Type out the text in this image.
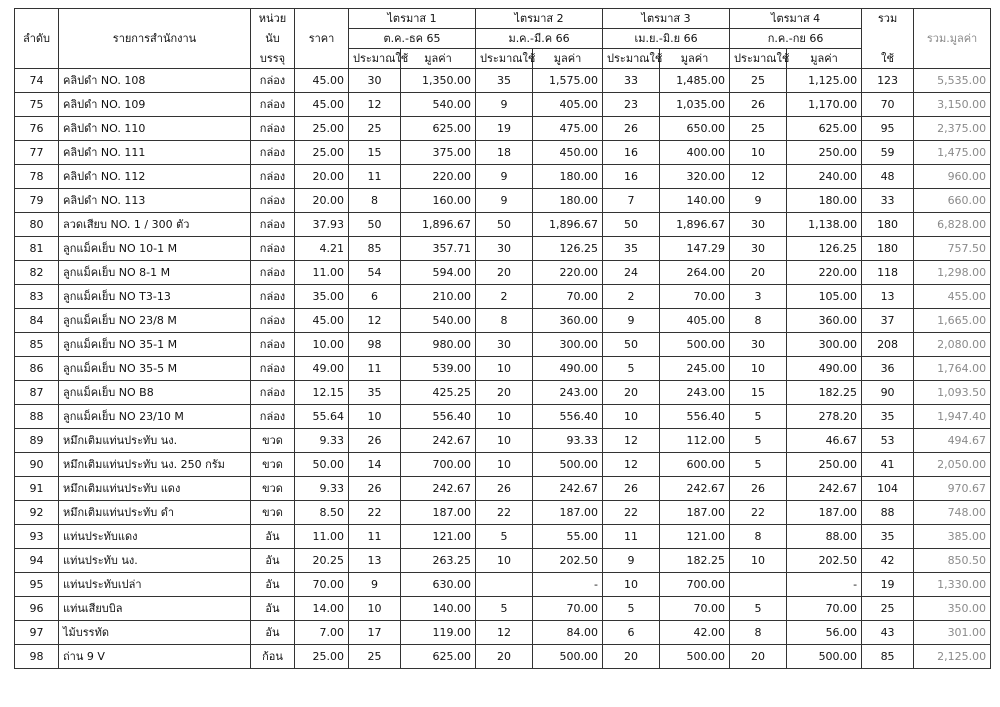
ลำดับ	รายการสำนักงาน	หน่วย	ราคา	ไตรมาส 1		ไตรมาส 2		ไตรมาส 3		ไตรมาส 4		รวม	รวม.มูลค่า
		นับ		ต.ค.-ธค 65		ม.ค.-มี.ค 66		เม.ย.-มิ.ย 66		ก.ค.-กย 66			
		บรรจุ		ประมาณใช้	มูลค่า	ประมาณใช้	มูลค่า	ประมาณใช้	มูลค่า	ประมาณใช้	มูลค่า	ใช้	
74	คลิปดำ NO. 108	กล่อง	45.00	30	1,350.00	35	1,575.00	33	1,485.00	25	1,125.00	123	5,535.00
75	คลิปดำ NO. 109	กล่อง	45.00	12	540.00	9	405.00	23	1,035.00	26	1,170.00	70	3,150.00
76	คลิปดำ NO. 110	กล่อง	25.00	25	625.00	19	475.00	26	650.00	25	625.00	95	2,375.00
77	คลิปดำ NO. 111	กล่อง	25.00	15	375.00	18	450.00	16	400.00	10	250.00	59	1,475.00
78	คลิปดำ NO. 112	กล่อง	20.00	11	220.00	9	180.00	16	320.00	12	240.00	48	960.00
79	คลิปดำ NO. 113	กล่อง	20.00	8	160.00	9	180.00	7	140.00	9	180.00	33	660.00
80	ลวดเสียบ NO. 1 / 300 ตัว	กล่อง	37.93	50	1,896.67	50	1,896.67	50	1,896.67	30	1,138.00	180	6,828.00
81	ลูกแม็คเย็บ NO 10-1 M	กล่อง	4.21	85	357.71	30	126.25	35	147.29	30	126.25	180	757.50
82	ลูกแม็คเย็บ NO 8-1 M	กล่อง	11.00	54	594.00	20	220.00	24	264.00	20	220.00	118	1,298.00
83	ลูกแม็คเย็บ NO T3-13	กล่อง	35.00	6	210.00	2	70.00	2	70.00	3	105.00	13	455.00
84	ลูกแม็คเย็บ NO 23/8 M	กล่อง	45.00	12	540.00	8	360.00	9	405.00	8	360.00	37	1,665.00
85	ลูกแม็คเย็บ NO 35-1 M	กล่อง	10.00	98	980.00	30	300.00	50	500.00	30	300.00	208	2,080.00
86	ลูกแม็คเย็บ NO 35-5 M	กล่อง	49.00	11	539.00	10	490.00	5	245.00	10	490.00	36	1,764.00
87	ลูกแม็คเย็บ NO B8	กล่อง	12.15	35	425.25	20	243.00	20	243.00	15	182.25	90	1,093.50
88	ลูกแม็คเย็บ NO 23/10 M	กล่อง	55.64	10	556.40	10	556.40	10	556.40	5	278.20	35	1,947.40
89	หมึกเติมแท่นประทับ นง.	ขวด	9.33	26	242.67	10	93.33	12	112.00	5	46.67	53	494.67
90	หมึกเติมแท่นประทับ นง. 250 กรัม	ขวด	50.00	14	700.00	10	500.00	12	600.00	5	250.00	41	2,050.00
91	หมึกเติมแท่นประทับ แดง	ขวด	9.33	26	242.67	26	242.67	26	242.67	26	242.67	104	970.67
92	หมึกเติมแท่นประทับ ดำ	ขวด	8.50	22	187.00	22	187.00	22	187.00	22	187.00	88	748.00
93	แท่นประทับแดง	อัน	11.00	11	121.00	5	55.00	11	121.00	8	88.00	35	385.00
94	แท่นประทับ นง.	อัน	20.25	13	263.25	10	202.50	9	182.25	10	202.50	42	850.50
95	แท่นประทับเปล่า	อัน	70.00	9	630.00		-	10	700.00		-	19	1,330.00
96	แท่นเสียบบิล	อัน	14.00	10	140.00	5	70.00	5	70.00	5	70.00	25	350.00
97	ไม้บรรทัด	อัน	7.00	17	119.00	12	84.00	6	42.00	8	56.00	43	301.00
98	ถ่าน 9 V	ก้อน	25.00	25	625.00	20	500.00	20	500.00	20	500.00	85	2,125.00
